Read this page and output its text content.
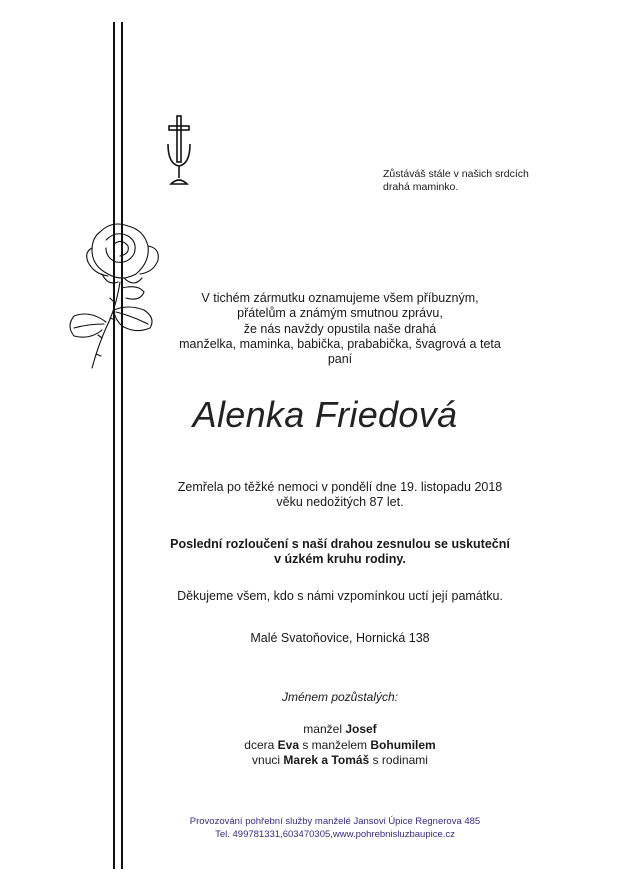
Zůstáváš stále v našich srdcích
drahá maminko.
V tichém zármutku oznamujeme všem příbuzným,
přátelům a známým smutnou zprávu,
že nás navždy opustila naše drahá
manželka, maminka, babička, prababička, švagrová a teta
paní
Alenka Friedová
Zemřela po těžké nemoci v pondělí dne 19. listopadu 2018
věku nedožitých 87 let.
Poslední rozloučení s naší drahou zesnulou se uskuteční
v úzkém kruhu rodiny.
Děkujeme všem, kdo s námi vzpomínkou uctí její památku.
Malé Svatoňovice, Hornická 138
Jménem pozůstalých:
manžel Josef
dcera Eva s manželem Bohumilem
vnuci Marek a Tomáš s rodinami
Provozování pohřební služby manželé Jansovi Úpice Regnerova 485
Tel. 499781331,603470305,www.pohrebnisluzbaupice.cz
